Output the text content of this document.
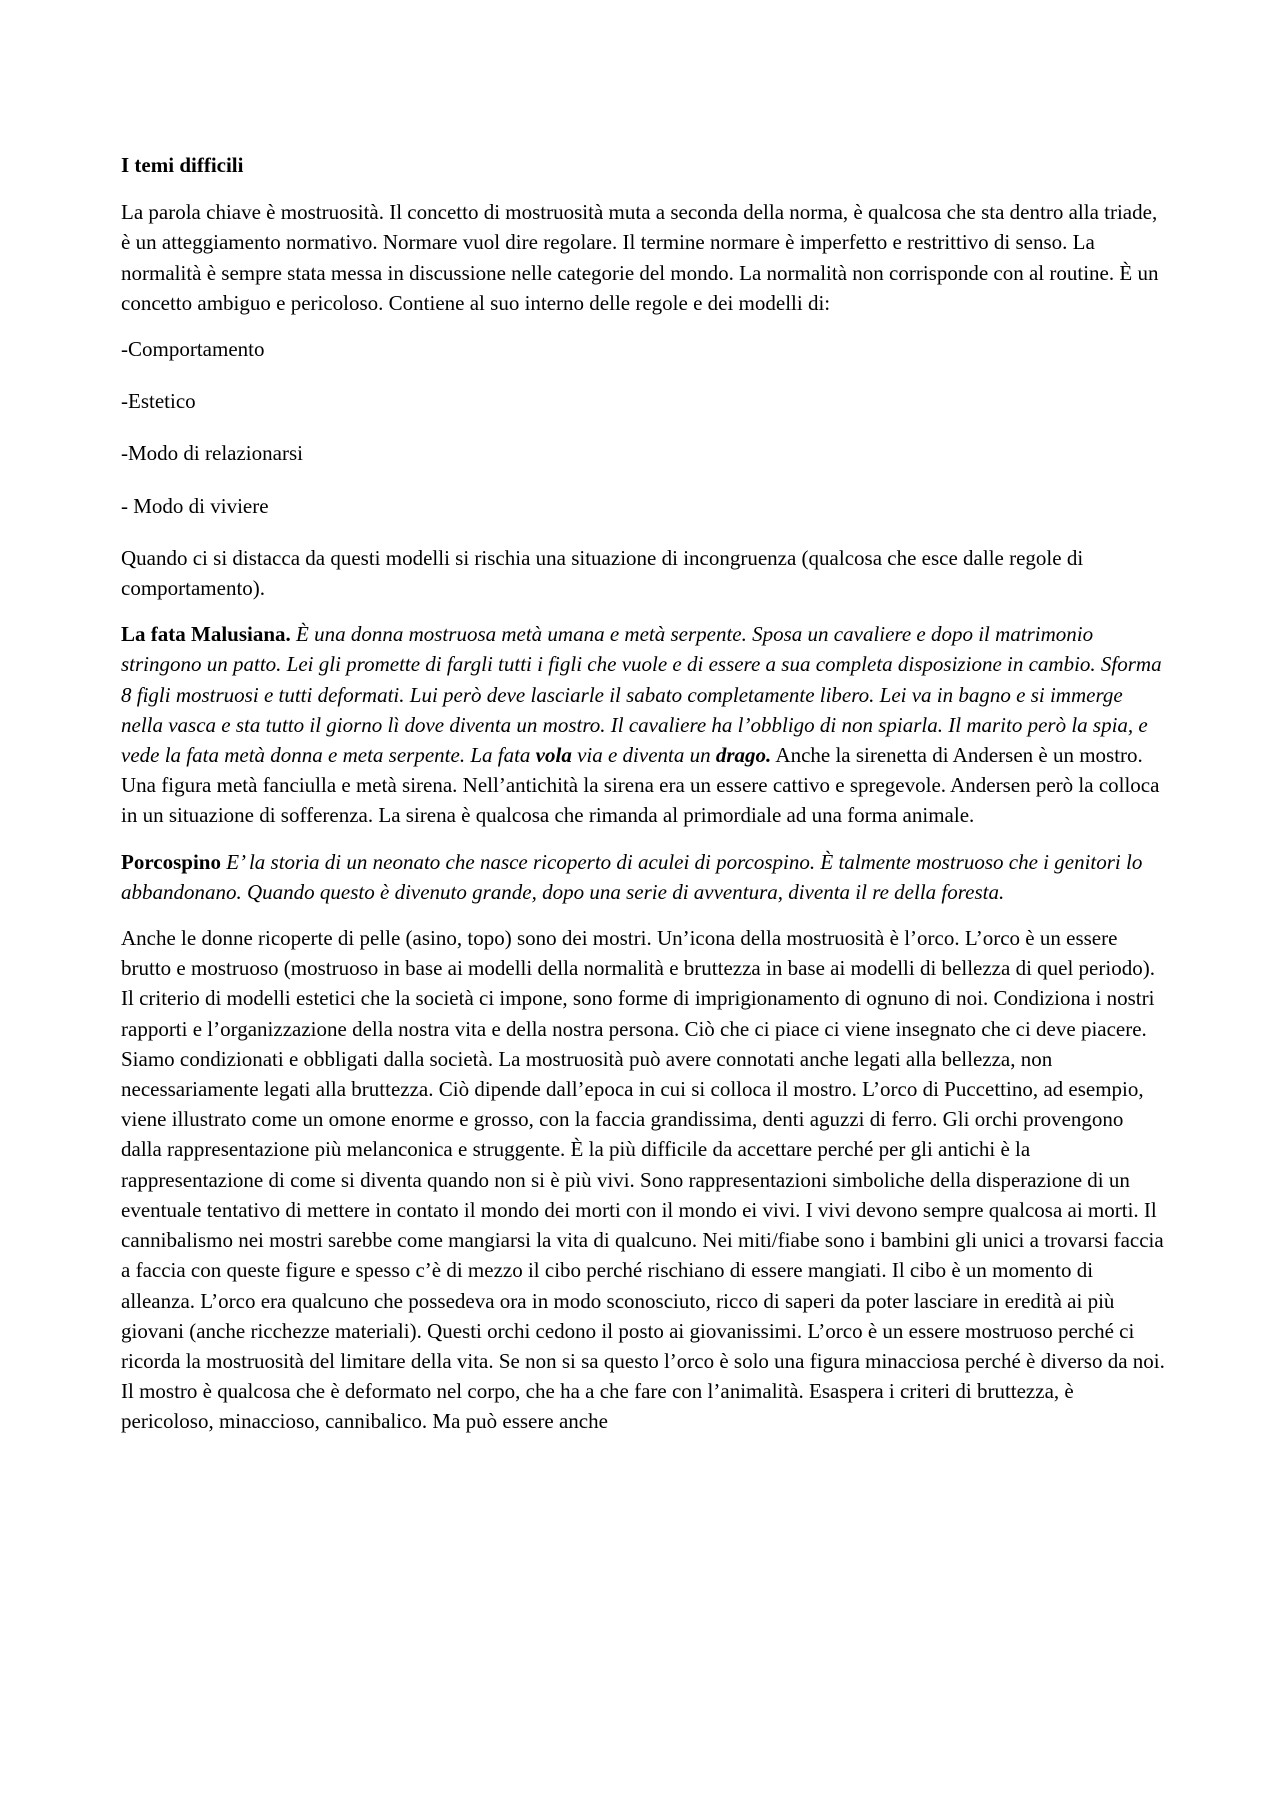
I temi difficili

La parola chiave è mostruosità. Il concetto di mostruosità muta a seconda della norma, è qualcosa che sta dentro alla triade, è un atteggiamento normativo. Normare vuol dire regolare. Il termine normare è imperfetto e restrittivo di senso. La normalità è sempre stata messa in discussione nelle categorie del mondo. La normalità non corrisponde con al routine. È un concetto ambiguo e pericoloso. Contiene al suo interno delle regole e dei modelli di:

-Comportamento

-Estetico

-Modo di relazionarsi

- Modo di viviere

Quando ci si distacca da questi modelli si rischia una situazione di incongruenza (qualcosa che esce dalle regole di comportamento).

La fata Malusiana. È una donna mostruosa metà umana e metà serpente. Sposa un cavaliere e dopo il matrimonio stringono un patto. Lei gli promette di fargli tutti i figli che vuole e di essere a sua completa disposizione in cambio. Sforma 8 figli mostruosi e tutti deformati. Lui però deve lasciarle il sabato completamente libero. Lei va in bagno e si immerge nella vasca e sta tutto il giorno lì dove diventa un mostro. Il cavaliere ha l’obbligo di non spiarla. Il marito però la spia, e vede la fata metà donna e meta serpente. La fata vola via e diventa un drago. Anche la sirenetta di Andersen è un mostro. Una figura metà fanciulla e metà sirena. Nell’antichità la sirena era un essere cattivo e spregevole. Andersen però la colloca in un situazione di sofferenza. La sirena è qualcosa che rimanda al primordiale ad una forma animale.

Porcospino E’ la storia di un neonato che nasce ricoperto di aculei di porcospino. È talmente mostruoso che i genitori lo abbandonano. Quando questo è divenuto grande, dopo una serie di avventura, diventa il re della foresta.

Anche le donne ricoperte di pelle (asino, topo) sono dei mostri. Un’icona della mostruosità è l’orco. L’orco è un essere brutto e mostruoso (mostruoso in base ai modelli della normalità e bruttezza in base ai modelli di bellezza di quel periodo). Il criterio di modelli estetici che la società ci impone, sono forme di imprigionamento di ognuno di noi. Condiziona i nostri rapporti e l’organizzazione della nostra vita e della nostra persona. Ciò che ci piace ci viene insegnato che ci deve piacere. Siamo condizionati e obbligati dalla società. La mostruosità può avere connotati anche legati alla bellezza, non necessariamente legati alla bruttezza. Ciò dipende dall’epoca in cui si colloca il mostro. L’orco di Puccettino, ad esempio, viene illustrato come un omone enorme e grosso, con la faccia grandissima, denti aguzzi di ferro. Gli orchi provengono dalla rappresentazione più melanconica e struggente. È la più difficile da accettare perché per gli antichi è la rappresentazione di come si diventa quando non si è più vivi. Sono rappresentazioni simboliche della disperazione di un eventuale tentativo di mettere in contato il mondo dei morti con il mondo ei vivi. I vivi devono sempre qualcosa ai morti. Il cannibalismo nei mostri sarebbe come mangiarsi la vita di qualcuno. Nei miti/fiabe sono i bambini gli unici a trovarsi faccia a faccia con queste figure e spesso c’è di mezzo il cibo perché rischiano di essere mangiati. Il cibo è un momento di alleanza. L’orco era qualcuno che possedeva ora in modo sconosciuto, ricco di saperi da poter lasciare in eredità ai più giovani (anche ricchezze materiali). Questi orchi cedono il posto ai giovanissimi. L’orco è un essere mostruoso perché ci ricorda la mostruosità del limitare della vita. Se non si sa questo l’orco è solo una figura minacciosa perché è diverso da noi. Il mostro è qualcosa che è deformato nel corpo, che ha a che fare con l’animalità. Esaspera i criteri di bruttezza, è pericoloso, minaccioso, cannibalico. Ma può essere anche
